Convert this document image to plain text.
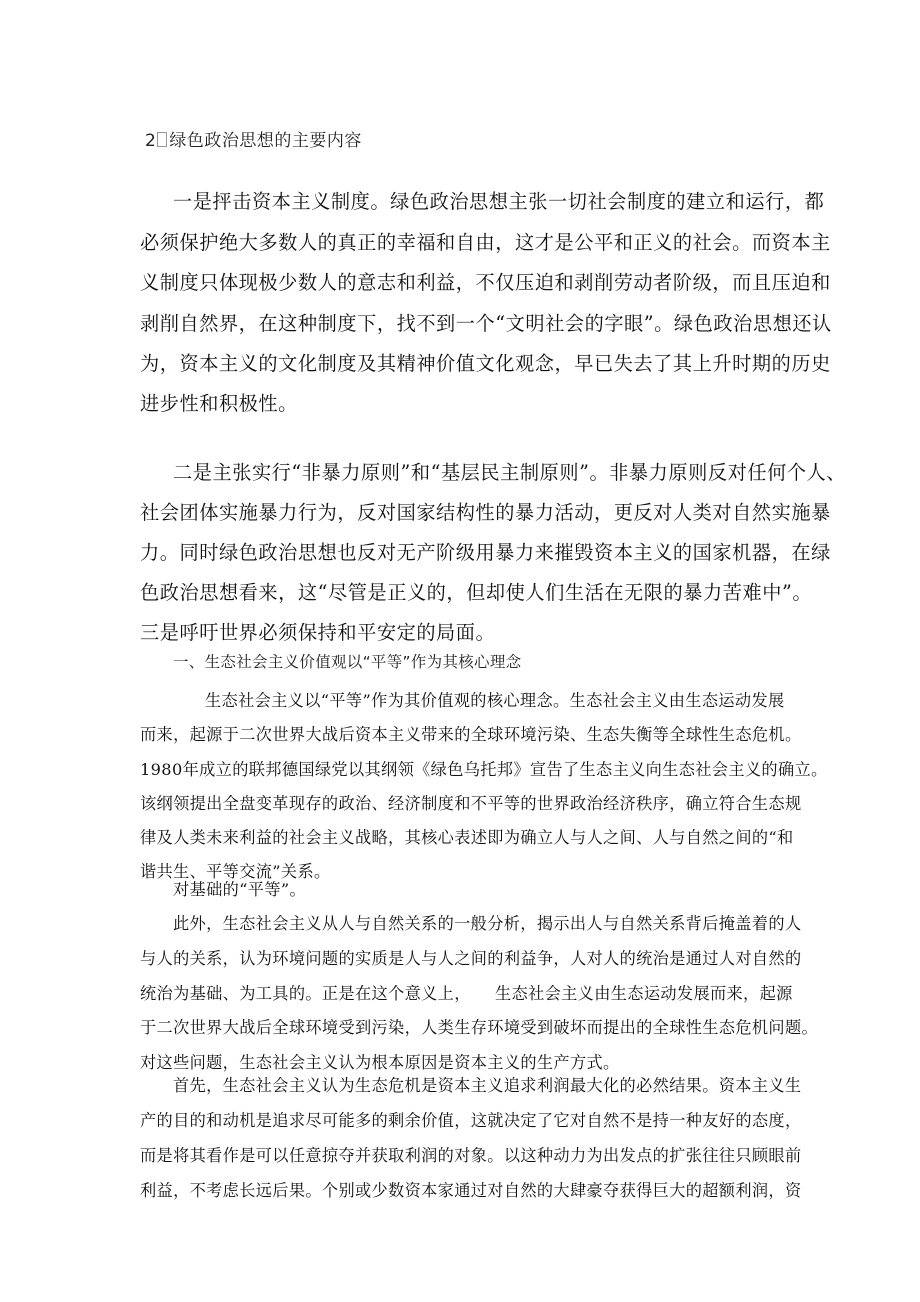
2 绿色政治思想的主要内容
一是抨击资本主义制度。绿色政治思想主张一切社会制度的建立和运行，都
必须保护绝大多数人的真正的幸福和自由，这才是公平和正义的社会。而资本主
义制度只体现极少数人的意志和利益，不仅压迫和剥削劳动者阶级，而且压迫和
剥削自然界，在这种制度下，找不到一个“文明社会的字眼”。绿色政治思想还认
为，资本主义的文化制度及其精神价值文化观念，早已失去了其上升时期的历史
进步性和积极性。
二是主张实行“非暴力原则”和“基层民主制原则”。非暴力原则反对任何个人、
社会团体实施暴力行为，反对国家结构性的暴力活动，更反对人类对自然实施暴
力。同时绿色政治思想也反对无产阶级用暴力来摧毁资本主义的国家机器，在绿
色政治思想看来，这“尽管是正义的，但却使人们生活在无限的暴力苦难中”。
三是呼吁世界必须保持和平安定的局面。
一、生态社会主义价值观以“平等”作为其核心理念
生态社会主义以“平等”作为其价值观的核心理念。生态社会主义由生态运动发展
而来，起源于二次世界大战后资本主义带来的全球环境污染、生态失衡等全球性生态危机。
1980年成立的联邦德国绿党以其纲领《绿色乌托邦》宣告了生态主义向生态社会主义的确立。
该纲领提出全盘变革现存的政治、经济制度和不平等的世界政治经济秩序，确立符合生态规
律及人类未来利益的社会主义战略，其核心表述即为确立人与人之间、人与自然之间的“和
谐共生、平等交流”关系。
对基础的“平等”。
此外，生态社会主义从人与自然关系的一般分析，揭示出人与自然关系背后掩盖着的人
与人的关系，认为环境问题的实质是人与人之间的利益争，人对人的统治是通过人对自然的
统治为基础、为工具的。正是在这个意义上， 生态社会主义由生态运动发展而来，起源
于二次世界大战后全球环境受到污染，人类生存环境受到破坏而提出的全球性生态危机问题。
对这些问题，生态社会主义认为根本原因是资本主义的生产方式。
首先，生态社会主义认为生态危机是资本主义追求利润最大化的必然结果。资本主义生
产的目的和动机是追求尽可能多的剩余价值，这就决定了它对自然不是持一种友好的态度，
而是将其看作是可以任意掠夺并获取利润的对象。以这种动力为出发点的扩张往往只顾眼前
利益，不考虑长远后果。个别或少数资本家通过对自然的大肆豪夺获得巨大的超额利润，资
